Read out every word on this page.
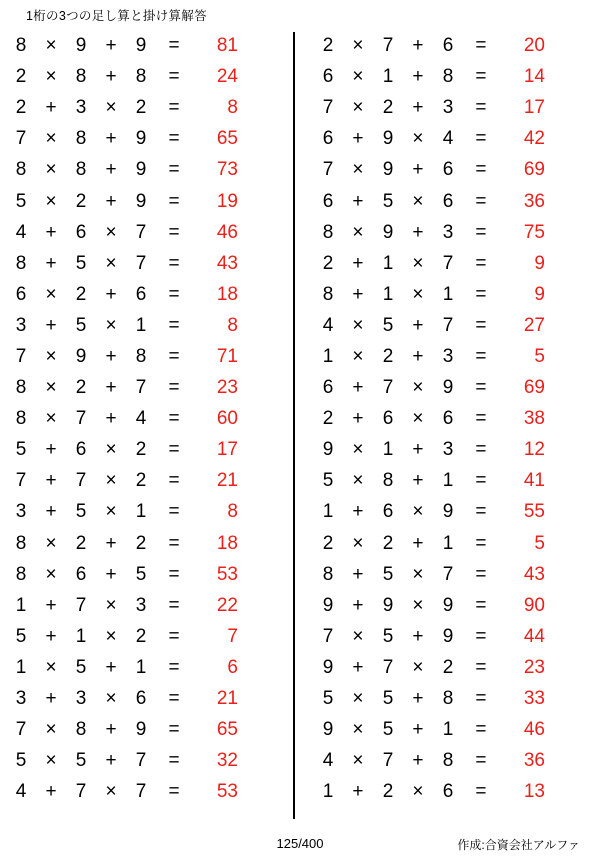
1桁の3つの足し算と掛け算解答
8	×	9	+	9	=	81
2	×	8	+	8	=	24
2	+	3	×	2	=	8
7	×	8	+	9	=	65
8	×	8	+	9	=	73
5	×	2	+	9	=	19
4	+	6	×	7	=	46
8	+	5	×	7	=	43
6	×	2	+	6	=	18
3	+	5	×	1	=	8
7	×	9	+	8	=	71
8	×	2	+	7	=	23
8	×	7	+	4	=	60
5	+	6	×	2	=	17
7	+	7	×	2	=	21
3	+	5	×	1	=	8
8	×	2	+	2	=	18
8	×	6	+	5	=	53
1	+	7	×	3	=	22
5	+	1	×	2	=	7
1	×	5	+	1	=	6
3	+	3	×	6	=	21
7	×	8	+	9	=	65
5	×	5	+	7	=	32
4	+	7	×	7	=	53
2	×	7	+	6	=	20
6	×	1	+	8	=	14
7	×	2	+	3	=	17
6	+	9	×	4	=	42
7	×	9	+	6	=	69
6	+	5	×	6	=	36
8	×	9	+	3	=	75
2	+	1	×	7	=	9
8	+	1	×	1	=	9
4	×	5	+	7	=	27
1	×	2	+	3	=	5
6	+	7	×	9	=	69
2	+	6	×	6	=	38
9	×	1	+	3	=	12
5	×	8	+	1	=	41
1	+	6	×	9	=	55
2	×	2	+	1	=	5
8	+	5	×	7	=	43
9	+	9	×	9	=	90
7	×	5	+	9	=	44
9	+	7	×	2	=	23
5	×	5	+	8	=	33
9	×	5	+	1	=	46
4	×	7	+	8	=	36
1	+	2	×	6	=	13
125/400	作成:合資会社アルファ
